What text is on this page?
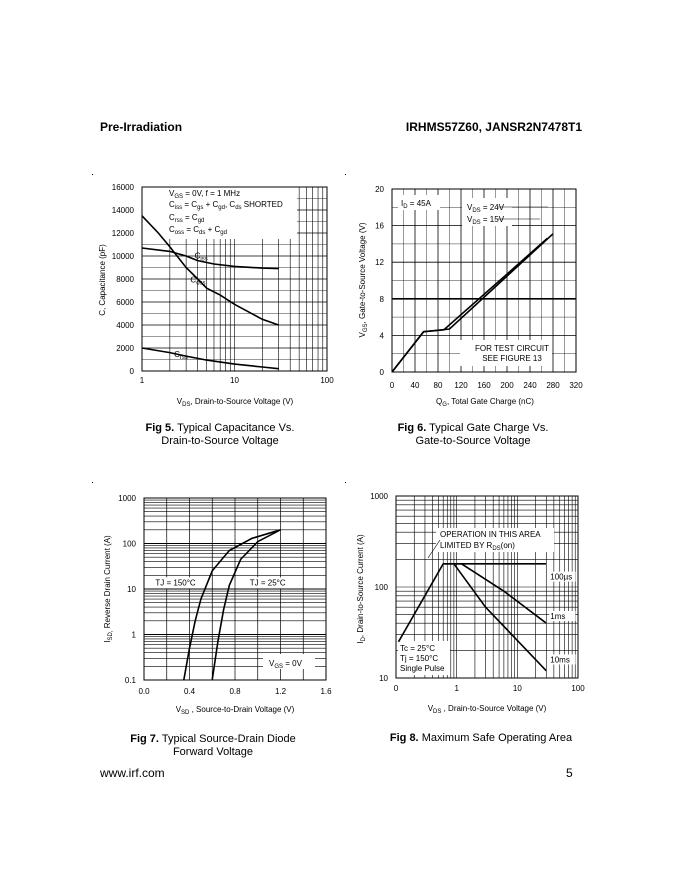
Pre-Irradiation	IRHMS57Z60, JANSR2N7478T1
$C_{iss}$
$C_{oss}$
$C_{rss}$
0
2000
4000
6000
8000
10000
12000
14000
16000
1	10	100
$V_{GS} = 0V$, f = 1 MHz
$C_{iss} = C_{gs} + C_{gd}$, $C_{ds}$ SHORTED
$C_{rss} = C_{gd}$
$C_{oss} = C_{ds} + C_{gd}$
C, Capacitance (pF)
$V_{DS}$, Drain-to-Source Voltage (V)
0
4
8
12
16
20
0 40 80 120 160 200 240 280 320
$I_D = 45A$	$V_{DS} = 24V$
$V_{DS} = 15V$
FOR TEST CIRCUIT
SEE FIGURE 13
$V_{GS}$, Gate-to-Source Voltage (V)
$Q_G$, Total Gate Charge (nC)
TJ = 150°C	TJ = 25°C
0.1
1
10
100
1000
0.0	0.4	0.8	1.2	1.6
$V_{GS} = 0V$
$I_{SD,}$ Reverse Drain Current (A)
$V_{SD}$ , Source-to-Drain Voltage (V)
100µs
1ms
10ms
10
100
1000
0	1	10	100
OPERATION IN THIS AREA
LIMITED BY $R_{DS}(on)$
Tc = 25°C
Tj = 150°C
Single Pulse
$I_D$, Drain-to-Source Current (A)
$V_{DS}$ , Drain-to-Source Voltage (V)
Fig 5. Typical Capacitance Vs.
Drain-to-Source Voltage
Fig 6. Typical Gate Charge Vs.
Gate-to-Source Voltage
Fig 7. Typical Source-Drain Diode
Forward Voltage
Fig 8. Maximum Safe Operating Area
www.irf.com	5
